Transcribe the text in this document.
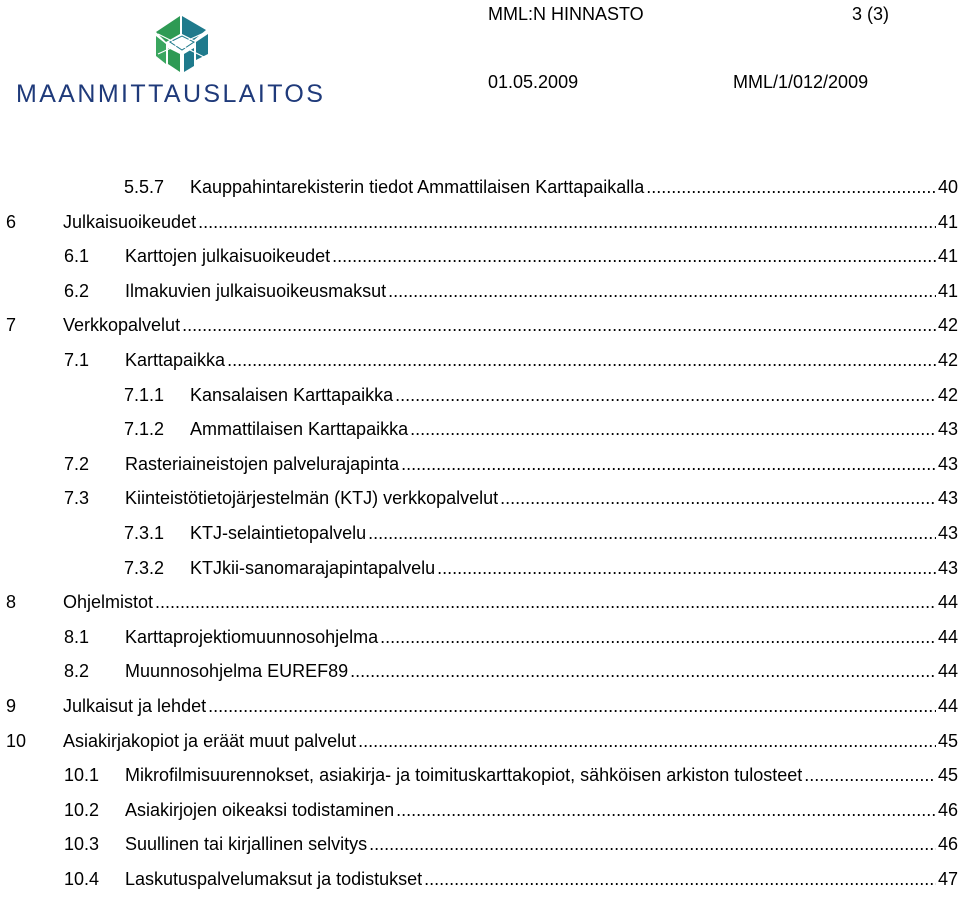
MAANMITTAUSLAITOS
MML:N HINNASTO	3 (3)
01.05.2009	MML/1/012/2009
5.5.7 Kauppahintarekisterin tiedot Ammattilaisen Karttapaikalla .....	40
6	Julkaisuoikeudet .....	41
6.1 Karttojen julkaisuoikeudet .....	41
6.2 Ilmakuvien julkaisuoikeusmaksut .....	41
7	Verkkopalvelut .....	42
7.1 Karttapaikka .....	42
7.1.1 Kansalaisen Karttapaikka .....	42
7.1.2 Ammattilaisen Karttapaikka .....	43
7.2 Rasteriaineistojen palvelurajapinta .....	43
7.3 Kiinteistötietojärjestelmän (KTJ) verkkopalvelut .....	43
7.3.1 KTJ-selaintietopalvelu .....	43
7.3.2 KTJkii-sanomarajapintapalvelu .....	43
8	Ohjelmistot .....	44
8.1 Karttaprojektiomuunnosohjelma .....	44
8.2 Muunnosohjelma EUREF89 .....	44
9	Julkaisut ja lehdet .....	44
10 Asiakirjakopiot ja eräät muut palvelut .....	45
10.1 Mikrofilmisuurennokset, asiakirja- ja toimituskarttakopiot, sähköisen arkiston tulosteet .....	45
10.2 Asiakirjojen oikeaksi todistaminen .....	46
10.3 Suullinen tai kirjallinen selvitys .....	46
10.4 Laskutuspalvelumaksut ja todistukset .....	47
